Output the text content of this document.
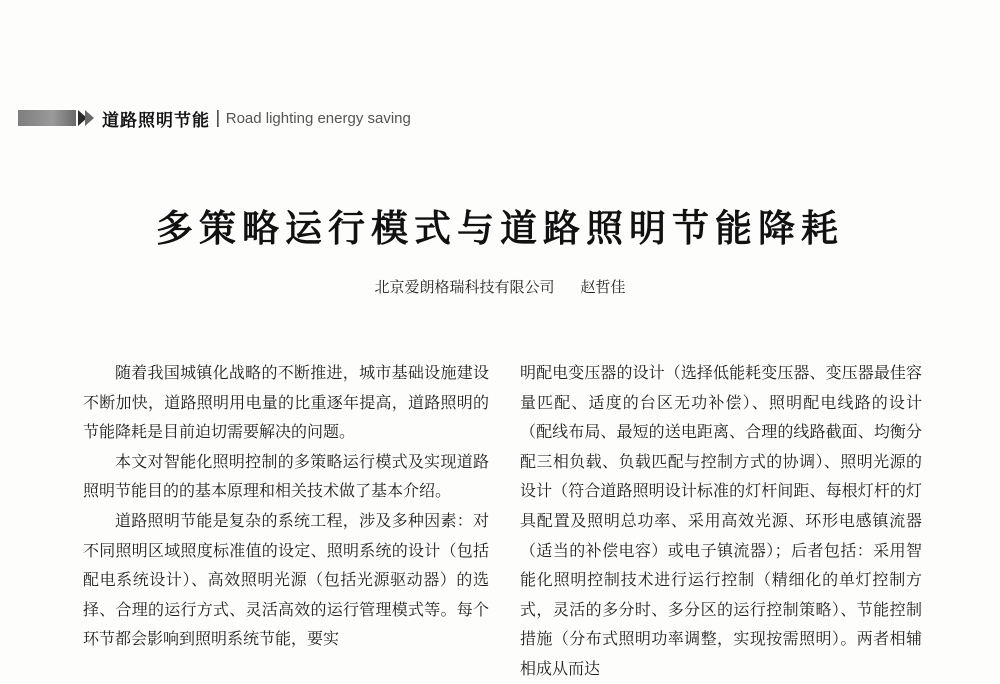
道路照明节能 | Road lighting energy saving
多策略运行模式与道路照明节能降耗
北京爱朗格瑞科技有限公司 赵哲佳

随着我国城镇化战略的不断推进，城市基础设施建设不断加快，道路照明用电量的比重逐年提高，道路照明的节能降耗是目前迫切需要解决的问题。

本文对智能化照明控制的多策略运行模式及实现道路照明节能目的的基本原理和相关技术做了基本介绍。

道路照明节能是复杂的系统工程，涉及多种因素：对不同照明区域照度标准值的设定、照明系统的设计（包括配电系统设计）、高效照明光源（包括光源驱动器）的选择、合理的运行方式、灵活高效的运行管理模式等。每个环节都会影响到照明系统节能，要实

明配电变压器的设计（选择低能耗变压器、变压器最佳容量匹配、适度的台区无功补偿）、照明配电线路的设计（配线布局、最短的送电距离、合理的线路截面、均衡分配三相负载、负载匹配与控制方式的协调）、照明光源的设计（符合道路照明设计标准的灯杆间距、每根灯杆的灯具配置及照明总功率、采用高效光源、环形电感镇流器（适当的补偿电容）或电子镇流器）；后者包括：采用智能化照明控制技术进行运行控制（精细化的单灯控制方式，灵活的多分时、多分区的运行控制策略）、节能控制措施（分布式照明功率调整，实现按需照明）。两者相辅相成从而达
